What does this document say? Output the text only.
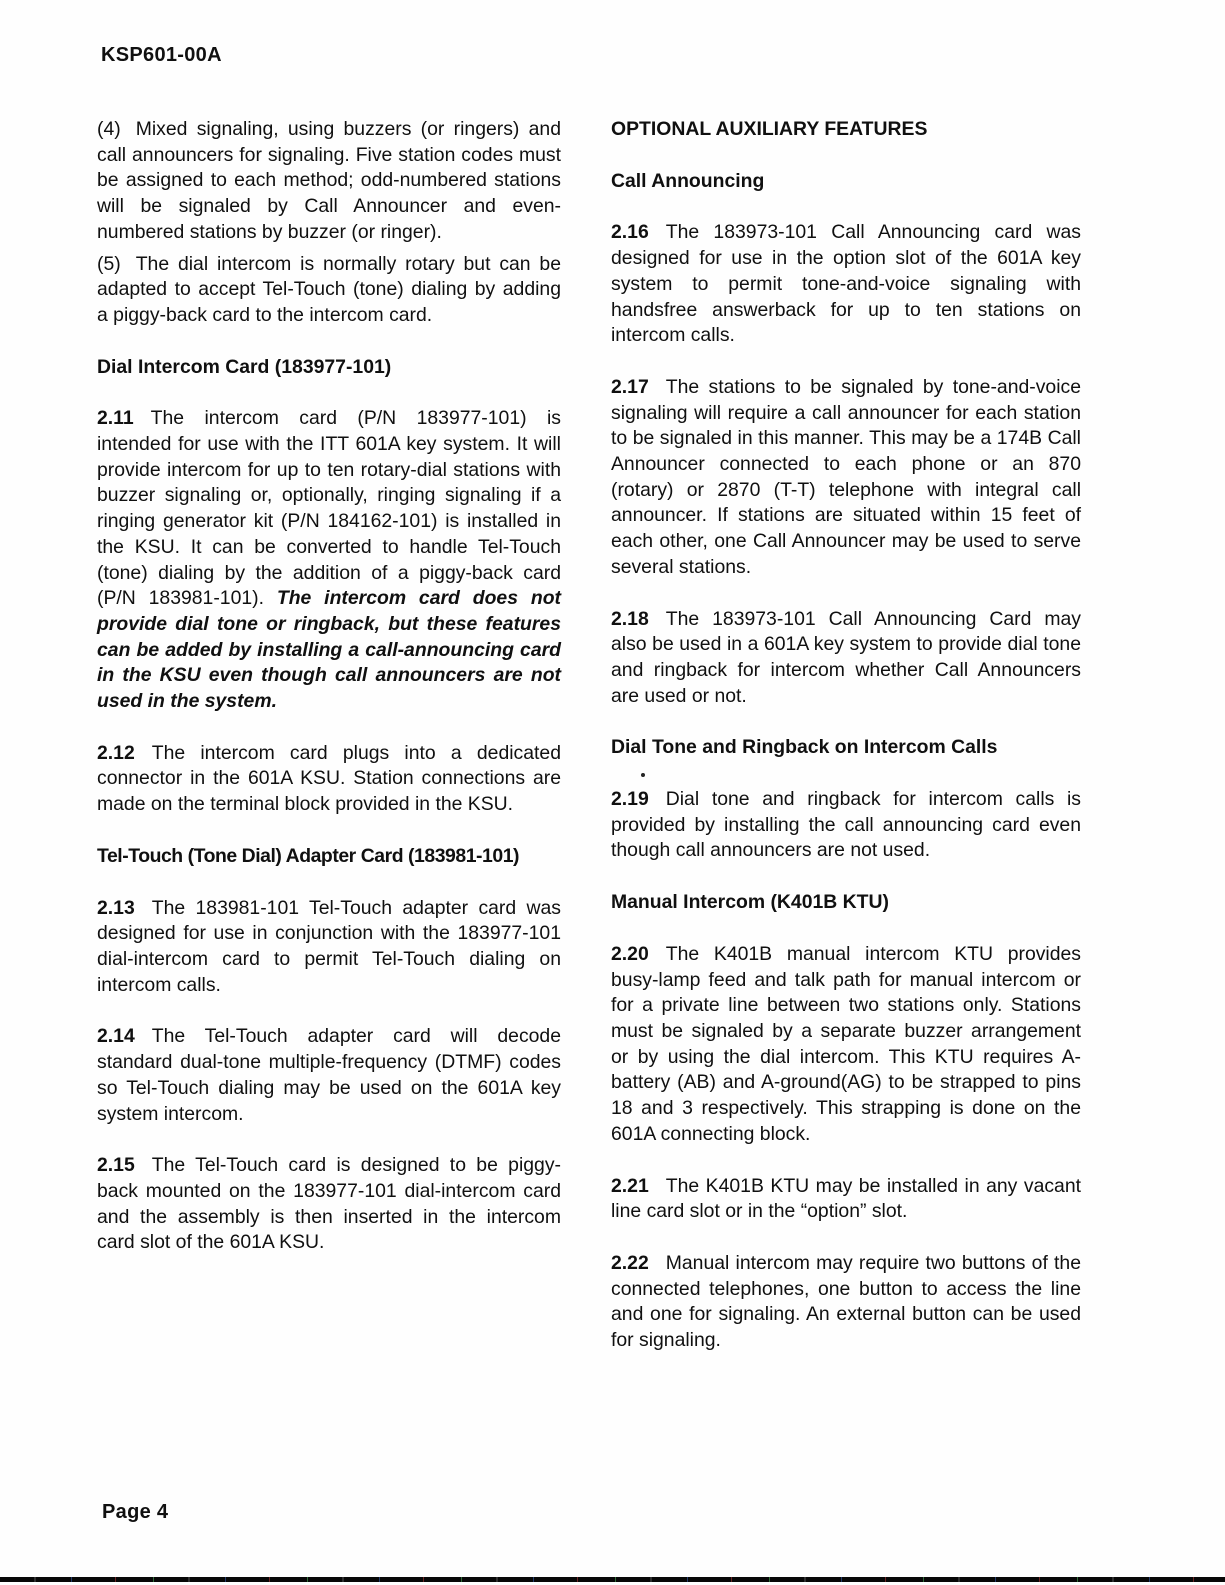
KSP601-00A

(4) Mixed signaling, using buzzers (or ringers) and call announcers for signaling. Five station codes must be assigned to each method; odd-numbered stations will be signaled by Call Announcer and even-numbered stations by buzzer (or ringer).

(5) The dial intercom is normally rotary but can be adapted to accept Tel-Touch (tone) dialing by adding a piggy-back card to the intercom card.

Dial Intercom Card (183977-101)

2.11 The intercom card (P/N 183977-101) is intended for use with the ITT 601A key system. It will provide intercom for up to ten rotary-dial stations with buzzer signaling or, optionally, ringing signaling if a ringing generator kit (P/N 184162-101) is installed in the KSU. It can be converted to handle Tel-Touch (tone) dialing by the addition of a piggy-back card (P/N 183981-101). The intercom card does not provide dial tone or ringback, but these features can be added by installing a call-announcing card in the KSU even though call announcers are not used in the system.

2.12 The intercom card plugs into a dedicated connector in the 601A KSU. Station connections are made on the terminal block provided in the KSU.

Tel-Touch (Tone Dial) Adapter Card (183981-101)

2.13 The 183981-101 Tel-Touch adapter card was designed for use in conjunction with the 183977-101 dial-intercom card to permit Tel-Touch dialing on intercom calls.

2.14 The Tel-Touch adapter card will decode standard dual-tone multiple-frequency (DTMF) codes so Tel-Touch dialing may be used on the 601A key system intercom.

2.15 The Tel-Touch card is designed to be piggy-back mounted on the 183977-101 dial-intercom card and the assembly is then inserted in the intercom card slot of the 601A KSU.

OPTIONAL AUXILIARY FEATURES
Call Announcing

2.16 The 183973-101 Call Announcing card was designed for use in the option slot of the 601A key system to permit tone-and-voice signaling with handsfree answerback for up to ten stations on intercom calls.

2.17 The stations to be signaled by tone-and-voice signaling will require a call announcer for each station to be signaled in this manner. This may be a 174B Call Announcer connected to each phone or an 870 (rotary) or 2870 (T-T) telephone with integral call announcer. If stations are situated within 15 feet of each other, one Call Announcer may be used to serve several stations.

2.18 The 183973-101 Call Announcing Card may also be used in a 601A key system to provide dial tone and ringback for intercom whether Call Announcers are used or not.

Dial Tone and Ringback on Intercom Calls

2.19 Dial tone and ringback for intercom calls is provided by installing the call announcing card even though call announcers are not used.

Manual Intercom (K401B KTU)

2.20 The K401B manual intercom KTU provides busy-lamp feed and talk path for manual intercom or for a private line between two stations only. Stations must be signaled by a separate buzzer arrangement or by using the dial intercom. This KTU requires A-battery (AB) and A-ground(AG) to be strapped to pins 18 and 3 respectively. This strapping is done on the 601A connecting block.

2.21 The K401B KTU may be installed in any vacant line card slot or in the “option” slot.

2.22 Manual intercom may require two buttons of the connected telephones, one button to access the line and one for signaling. An external button can be used for signaling.

Page 4
